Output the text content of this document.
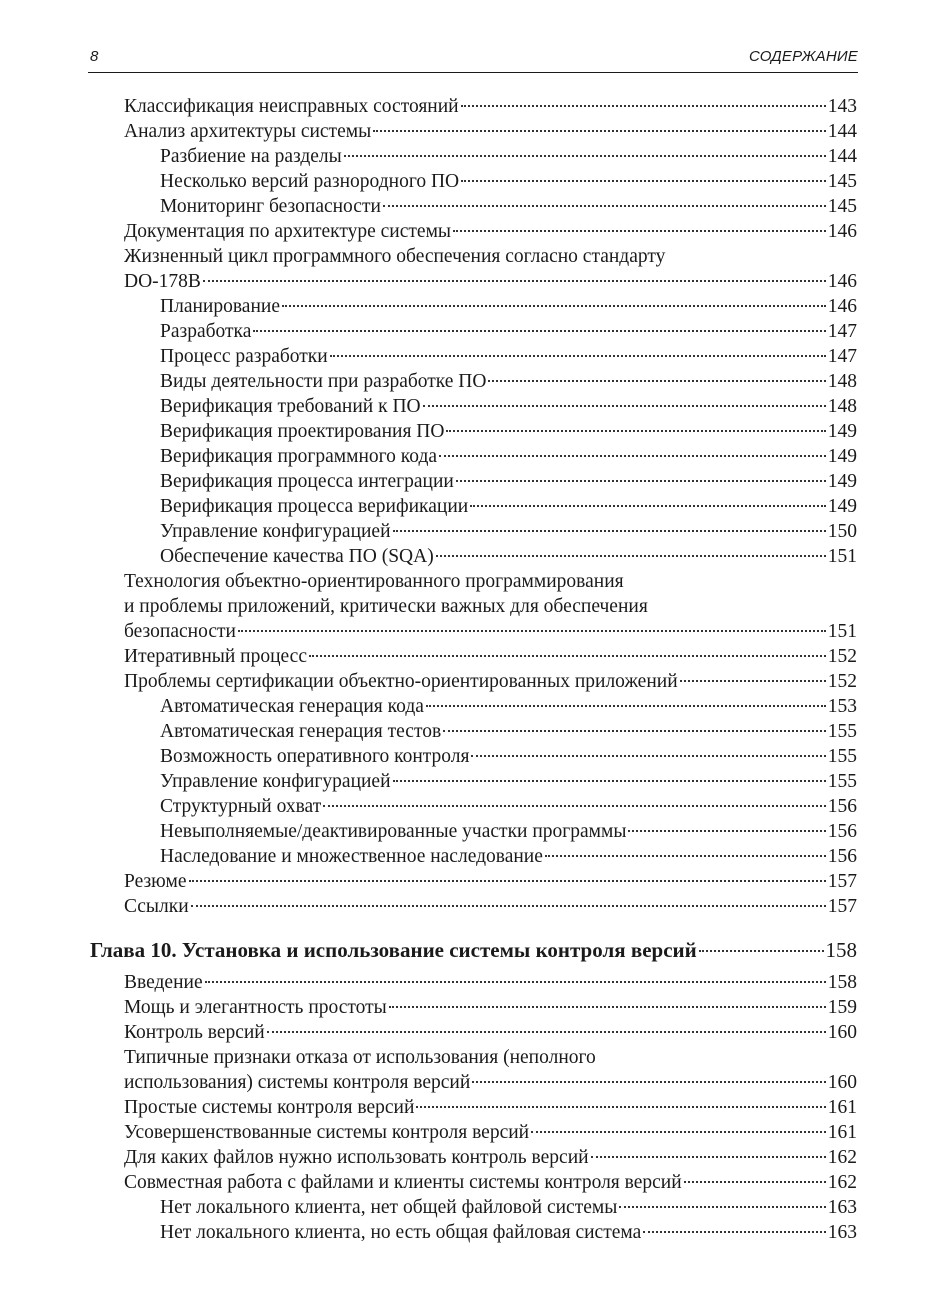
8	СОДЕРЖАНИЕ
Классификация неисправных состояний	143
Анализ архитектуры системы	144
Разбиение на разделы	144
Несколько версий разнородного ПО	145
Мониторинг безопасности	145
Документация по архитектуре системы	146
Жизненный цикл программного обеспечения согласно стандарту
DO-178B	146
Планирование	146
Разработка	147
Процесс разработки	147
Виды деятельности при разработке ПО	148
Верификация требований к ПО	148
Верификация проектирования ПО	149
Верификация программного кода	149
Верификация процесса интеграции	149
Верификация процесса верификации	149
Управление конфигурацией	150
Обеспечение качества ПО (SQA)	151
Технология объектно-ориентированного программирования
и проблемы приложений, критически важных для обеспечения
безопасности	151
Итеративный процесс	152
Проблемы сертификации объектно-ориентированных приложений	152
Автоматическая генерация кода	153
Автоматическая генерация тестов	155
Возможность оперативного контроля	155
Управление конфигурацией	155
Структурный охват	156
Невыполняемые/деактивированные участки программы	156
Наследование и множественное наследование	156
Резюме	157
Ссылки	157
Глава 10. Установка и использование системы контроля версий	158
Введение	158
Мощь и элегантность простоты	159
Контроль версий	160
Типичные признаки отказа от использования (неполного
использования) системы контроля версий	160
Простые системы контроля версий	161
Усовершенствованные системы контроля версий	161
Для каких файлов нужно использовать контроль версий	162
Совместная работа с файлами и клиенты системы контроля версий	162
Нет локального клиента, нет общей файловой системы	163
Нет локального клиента, но есть общая файловая система	163
